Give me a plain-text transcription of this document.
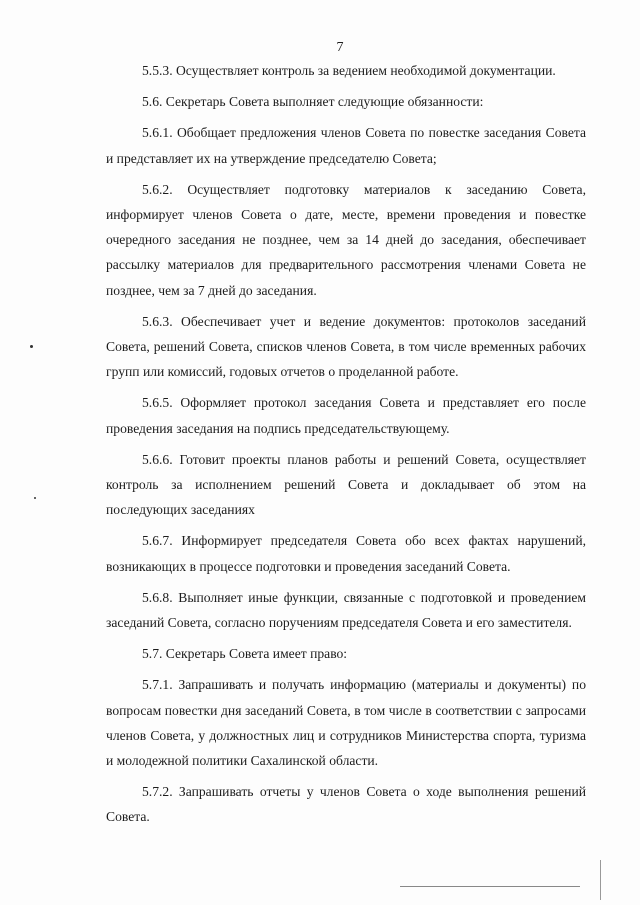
7

5.5.3. Осуществляет контроль за ведением необходимой документации.

5.6. Секретарь Совета выполняет следующие обязанности:

5.6.1. Обобщает предложения членов Совета по повестке заседания Совета и представляет их на утверждение председателю Совета;

5.6.2. Осуществляет подготовку материалов к заседанию Совета, информирует членов Совета о дате, месте, времени проведения и повестке очередного заседания не позднее, чем за 14 дней до заседания, обеспечивает рассылку материалов для предварительного рассмотрения членами Совета не позднее, чем за 7 дней до заседания.

5.6.3. Обеспечивает учет и ведение документов: протоколов заседаний Совета, решений Совета, списков членов Совета, в том числе временных рабочих групп или комиссий, годовых отчетов о проделанной работе.

5.6.5. Оформляет протокол заседания Совета и представляет его после проведения заседания на подпись председательствующему.

5.6.6. Готовит проекты планов работы и решений Совета, осуществляет контроль за исполнением решений Совета и докладывает об этом на последующих заседаниях

5.6.7. Информирует председателя Совета обо всех фактах нарушений, возникающих в процессе подготовки и проведения заседаний Совета.

5.6.8. Выполняет иные функции, связанные с подготовкой и проведением заседаний Совета, согласно поручениям председателя Совета и его заместителя.

5.7. Секретарь Совета имеет право:

5.7.1. Запрашивать и получать информацию (материалы и документы) по вопросам повестки дня заседаний Совета, в том числе в соответствии с запросами членов Совета, у должностных лиц и сотрудников Министерства спорта, туризма и молодежной политики Сахалинской области.

5.7.2. Запрашивать отчеты у членов Совета о ходе выполнения решений Совета.
